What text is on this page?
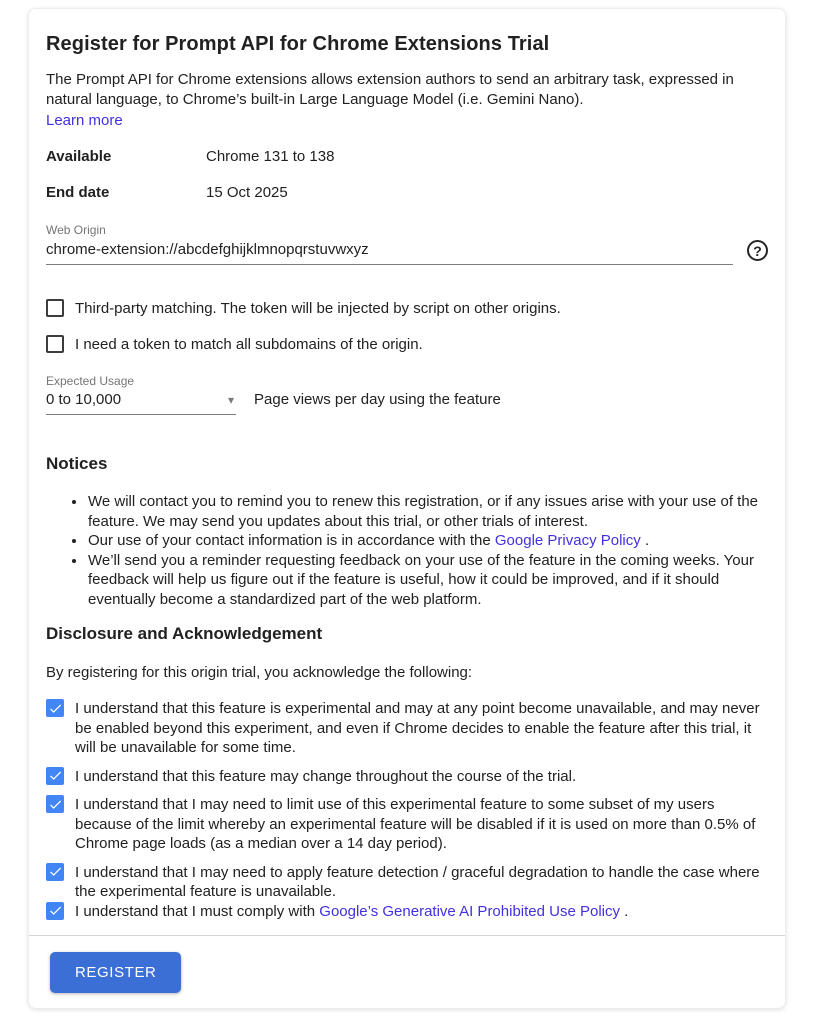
Register for Prompt API for Chrome Extensions Trial

The Prompt API for Chrome extensions allows extension authors to send an arbitrary task, expressed in natural language, to Chrome’s built-in Large Language Model (i.e. Gemini Nano).

Learn more
Available	Chrome 131 to 138
End date	15 Oct 2025
Web Origin
chrome-extension://abcdefghijklmnopqrstuvwxyz
?
Third-party matching. The token will be injected by script on other origins.
I need a token to match all subdomains of the origin.
Expected Usage
0 to 10,000	▾ Page views per day using the feature
Notices
• We will contact you to remind you to renew this registration, or if any issues arise with your use of the feature. We may send you updates about this trial, or other trials of interest.
• Our use of your contact information is in accordance with the Google Privacy Policy .
• We’ll send you a reminder requesting feedback on your use of the feature in the coming weeks. Your feedback will help us figure out if the feature is useful, how it could be improved, and if it should eventually become a standardized part of the web platform.
Disclosure and Acknowledgement

By registering for this origin trial, you acknowledge the following:

I understand that this feature is experimental and may at any point become unavailable, and may never be enabled beyond this experiment, and even if Chrome decides to enable the feature after this trial, it will be unavailable for some time.
I understand that this feature may change throughout the course of the trial.
I understand that I may need to limit use of this experimental feature to some subset of my users because of the limit whereby an experimental feature will be disabled if it is used on more than 0.5% of Chrome page loads (as a median over a 14 day period).
I understand that I may need to apply feature detection / graceful degradation to handle the case where the experimental feature is unavailable.
I understand that I must comply with Google’s Generative AI Prohibited Use Policy .
REGISTER
